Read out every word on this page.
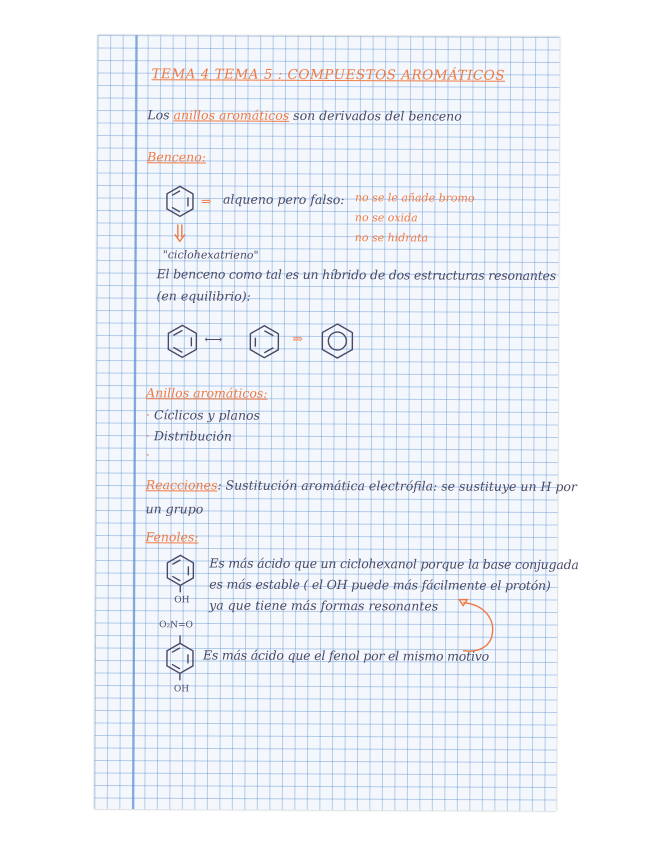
TEMA 4 TEMA 5 : COMPUESTOS AROMÁTICOS
Los anillos aromáticos son derivados del benceno
Benceno:
⇒ alqueno pero falso: no se le añade bromo
no se oxida
no se hidrata
"ciclohexatrieno"
El benceno como tal es un híbrido de dos estructuras resonantes
(en equilibrio):
⟷	⇒
Anillos aromáticos:
· Cíclicos y planos
· Distribución
·
Reacciones: Sustitución aromática electrófila: se sustituye un H por
un grupo
Fenoles:
OH
Es más ácido que un ciclohexanol porque la base conjugada
es más estable ( el OH puede más fácilmente el protón)
ya que tiene más formas resonantes
O₂N=O
OH
Es más ácido que el fenol por el mismo motivo
